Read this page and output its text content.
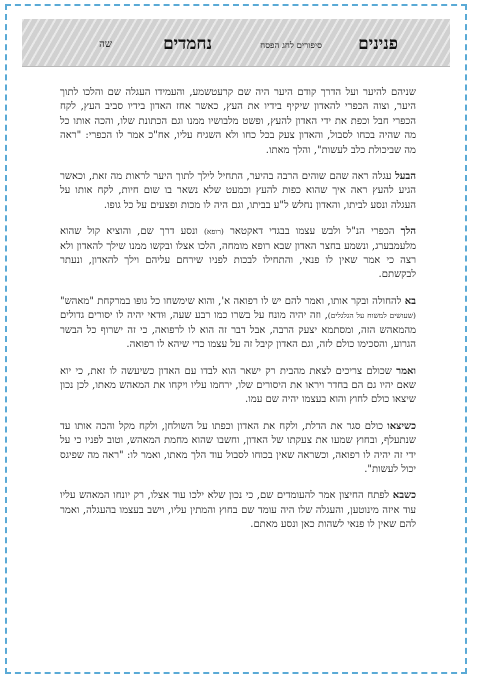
פנינים
סיפורים לחג הפסח
נחמדים
שה

שניהם להיער ועל הדרך קודם היער היה שם קרעטשמע, והעמידו העגלה שם והלכו לתוך היער, וצוה הכפרי להאדון שיקיף בידיו את העץ, כאשר אחז האדון בידיו סביב העץ, לקח הכפרי חבל וכפת את ידי האדון להעץ, ופשט מלבושיו ממנו וגם הכתונת שלו, והכה אותו כל מה שהיה בכחו לסבול, והאדון צעק בכל כחו ולא השגיח עליו, אח"כ אמר לו הכפרי: "ראה מה שביכולת כלב לעשות", והלך מאתו.

הבעל עגלה ראה שהם שוהים הרבה בהיער, התחיל לילך לתוך היער לראות מה זאת, וכאשר הגיע להעץ ראה איך שהוא כפות להעץ וכמעט שלא נשאר בו שום חיות, לקח אותו על העגלה ונסע לביתו, והאדון נחלש ל"ע בביתו, וגם היה לו מכות ופצעים על כל גופו.

הלך הכפרי הנ"ל ולבש עצמו בבגדי דאקטאר (רופא) ונסע דרך שם, והוציא קול שהוא מלעמבערג, ונשמע בחצר האדון שבא רופא מומחה, הלכו אצלו ובקשו ממנו שילך להאדון ולא רצה כי אמר שאין לו פנאי, והתחילו לבכות לפניו שירחם עליהם וילך להאדון, ונעתר לבקשתם.

בא להחולה ובקר אותו, ואמר להם יש לו רפואה א', והוא שימשחו כל גופו במרקחת "מאהש" (שעושים למשוח על הגלגלים), וזה יהיה מונח על בשרו כמו רבע שעה, וּודאי יהיה לו יסורים גדולים מהמאהש הזה, ומסתמא יצעק הרבה, אבל דבר זה הוא לו לרפואה, כי זה ישרוף כל הבשר הגרוע, והסכימו כולם לזה, וגם האדון קיבל זה על עצמו כדי שיהא לו רפואה.

ואמר שכולם צריכים לצאת מהבית רק ישאר הוא לבדו עם האדון כשיעשה לו זאת, כי יוא שאם יהיו גם הם בחדר ויראו את היסורים שלו, ירחמו עליו ויקחו את המאהש מאתו, לכן נכון שיצאו כולם לחוץ והוא בעצמו יהיה שם עמו.

כשיצאו כולם סגר את הדלת, ולקח את האדון וכפתו על השולחן, ולקח מקל והכה אותו עד שנתעלף, ובחוץ שמעו את צעקתו של האדון, וחשבו שהוא מחמת המאהש, וטוב לפניו כי על ידי זה יהיה לו רפואה, וכשראה שאין בכוחו לסבול עוד הלך מאתו, ואמר לו: "ראה מה שפיגס יכול לעשות".

כשבא לפתח החיצון אמר להעומדים שם, כי נכון שלא ילכו עוד אצלו, רק יונחו המאהש עליו עוד איזה מינוטען, והעגלה שלו היה עומד שם בחוץ והמתין עליו, וישב בעצמו בהעגלה, ואמר להם שאין לו פנאי לשהות כאן ונסע מאתם.
